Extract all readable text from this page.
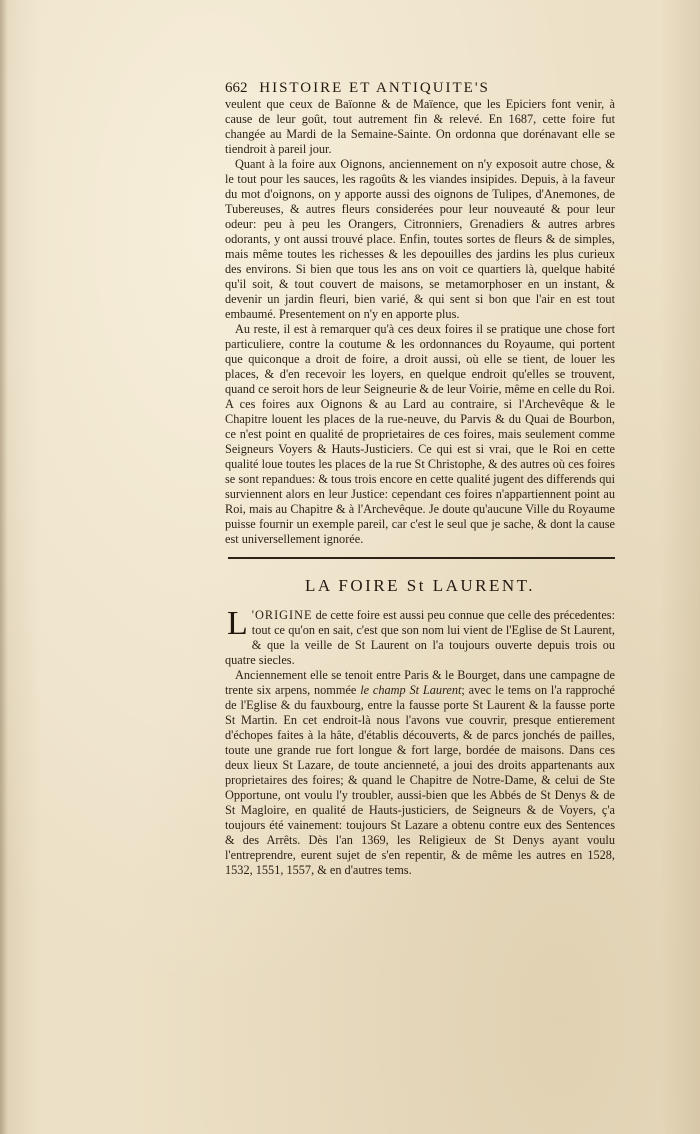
662 HISTOIRE ET ANTIQUITE'S

veulent que ceux de Baïonne & de Maïence, que les Epiciers font venir, à cause de leur goût, tout autrement fin & relevé. En 1687, cette foire fut changée au Mardi de la Semaine-Sainte. On ordonna que dorénavant elle se tiendroit à pareil jour.

Quant à la foire aux Oignons, anciennement on n'y exposoit autre chose, & le tout pour les sauces, les ragoûts & les viandes insipides. Depuis, à la faveur du mot d'oignons, on y apporte aussi des oignons de Tulipes, d'Anemones, de Tubereuses, & autres fleurs considerées pour leur nouveauté & pour leur odeur: peu à peu les Orangers, Citronniers, Grenadiers & autres arbres odorants, y ont aussi trouvé place. Enfin, toutes sortes de fleurs & de simples, mais même toutes les richesses & les depouilles des jardins les plus curieux des environs. Si bien que tous les ans on voit ce quartiers là, quelque habité qu'il soit, & tout couvert de maisons, se metamorphoser en un instant, & devenir un jardin fleuri, bien varié, & qui sent si bon que l'air en est tout embaumé. Presentement on n'y en apporte plus.

Au reste, il est à remarquer qu'à ces deux foires il se pratique une chose fort particuliere, contre la coutume & les ordonnances du Royaume, qui portent que quiconque a droit de foire, a droit aussi, où elle se tient, de louer les places, & d'en recevoir les loyers, en quelque endroit qu'elles se trouvent, quand ce seroit hors de leur Seigneurie & de leur Voirie, même en celle du Roi. A ces foires aux Oignons & au Lard au contraire, si l'Archevêque & le Chapitre louent les places de la rue-neuve, du Parvis & du Quai de Bourbon, ce n'est point en qualité de proprietaires de ces foires, mais seulement comme Seigneurs Voyers & Hauts-Justiciers. Ce qui est si vrai, que le Roi en cette qualité loue toutes les places de la rue St Christophe, & des autres où ces foires se sont repandues: & tous trois encore en cette qualité jugent des differends qui surviennent alors en leur Justice: cependant ces foires n'appartiennent point au Roi, mais au Chapitre & à l'Archevêque. Je doute qu'aucune Ville du Royaume puisse fournir un exemple pareil, car c'est le seul que je sache, & dont la cause est universellement ignorée.

LA FOIRE St LAURENT.

L 'ORIGINE de cette foire est aussi peu connue que celle des précedentes: tout ce qu'on en sait, c'est que son nom lui vient de l'Eglise de St Laurent, & que la veille de St Laurent on l'a toujours ouverte depuis trois ou quatre siecles.

Anciennement elle se tenoit entre Paris & le Bourget, dans une campagne de trente six arpens, nommée le champ St Laurent; avec le tems on l'a rapproché de l'Eglise & du fauxbourg, entre la fausse porte St Laurent & la fausse porte St Martin. En cet endroit-là nous l'avons vue couvrir, presque entierement d'échopes faites à la hâte, d'établis découverts, & de parcs jonchés de pailles, toute une grande rue fort longue & fort large, bordée de maisons. Dans ces deux lieux St Lazare, de toute ancienneté, a joui des droits appartenants aux proprietaires des foires; & quand le Chapitre de Notre-Dame, & celui de Ste Opportune, ont voulu l'y troubler, aussi-bien que les Abbés de St Denys & de St Magloire, en qualité de Hauts-justiciers, de Seigneurs & de Voyers, ç'a toujours été vainement: toujours St Lazare a obtenu contre eux des Sentences & des Arrêts. Dès l'an 1369, les Religieux de St Denys ayant voulu l'entreprendre, eurent sujet de s'en repentir, & de même les autres en 1528, 1532, 1551, 1557, & en d'autres tems.
